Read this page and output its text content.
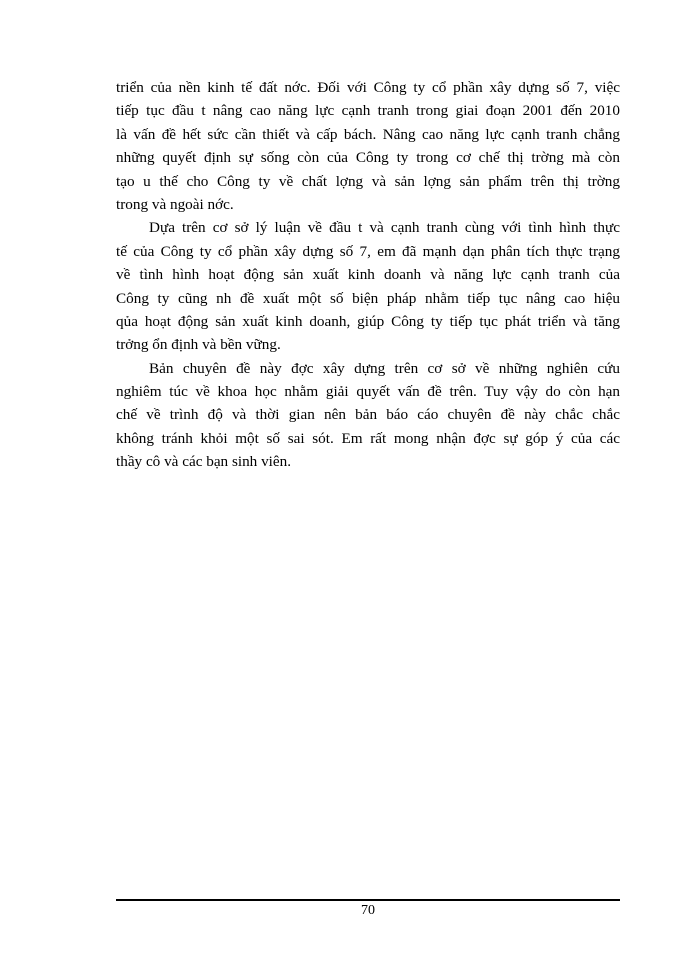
triển của nền kinh tế đất nớc. Đối với Công ty cổ phần xây dựng số 7, việc
tiếp tục đầu t nâng cao năng lực cạnh tranh trong giai đoạn 2001 đến 2010
là vấn đề hết sức cần thiết và cấp bách. Nâng cao năng lực cạnh tranh chẳng
những quyết định sự sống còn của Công ty trong cơ chế thị trờng mà còn
tạo u thế cho Công ty về chất lợng và sản lợng sản phẩm trên thị trờng
trong và ngoài nớc.
Dựa trên cơ sở lý luận về đầu t và cạnh tranh cùng với tình hình thực
tế của Công ty cổ phần xây dựng số 7, em đã mạnh dạn phân tích thực trạng
về tình hình hoạt động sản xuất kinh doanh và năng lực cạnh tranh của
Công ty cũng nh đề xuất một số biện pháp nhằm tiếp tục nâng cao hiệu
qủa hoạt động sản xuất kinh doanh, giúp Công ty tiếp tục phát triển và tăng
trởng ổn định và bền vững.
Bản chuyên đề này đợc xây dựng trên cơ sở về những nghiên cứu
nghiêm túc về khoa học nhằm giải quyết vấn đề trên. Tuy vậy do còn hạn
chế về trình độ và thời gian nên bản báo cáo chuyên đề này chắc chắc
không tránh khỏi một số sai sót. Em rất mong nhận đợc sự góp ý của các
thầy cô và các bạn sinh viên.
70
